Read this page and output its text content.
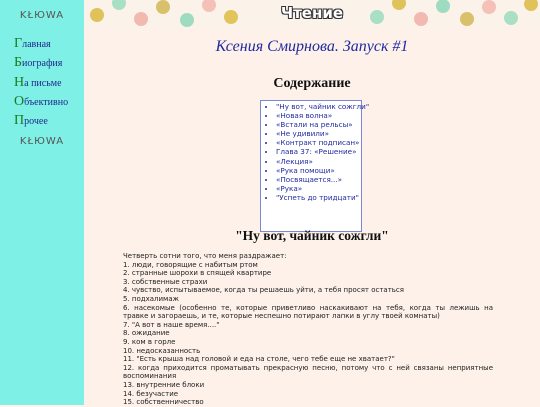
KŁЮWA
Главная
Биография
На письме
Объективно
Прочее
KŁЮWA
Чтение
Ксения Смирнова. Запуск #1
Содержание
• "Ну вот, чайник сожгли"
• «Новая волна»
• «Встали на рельсы»
• «Не удивили»
• «Контракт подписан»
• Глава 37: «Решение»
• «Лекция»
• «Рука помощи»
• «Посвящается...»
• «Рука»
• "Успеть до тридцати"
"Ну вот, чайник сожгли"

Четверть сотни того, что меня раздражает:

1. люди, говорящие с набитым ртом

2. странные шорохи в спящей квартире

3. собственные страхи

4. чувство, испытываемое, когда ты решаешь уйти, а тебя просят остаться

5. подхалимаж

6. насекомые (особенно те, которые приветливо наскакивают на тебя, когда ты лежишь на травке и загораешь, и те, которые неспешно потирают лапки в углу твоей комнаты)

7. "А вот в наше время...."

8. ожидание

9. ком в горле

10. недосказанность

11. "Есть крыша над головой и еда на столе, чего тебе еще не хватает?"

12. когда приходится проматывать прекрасную песню, потому что с ней связаны неприятные воспоминания

13. внутренние блоки

14. безучастие

15. собственничество
